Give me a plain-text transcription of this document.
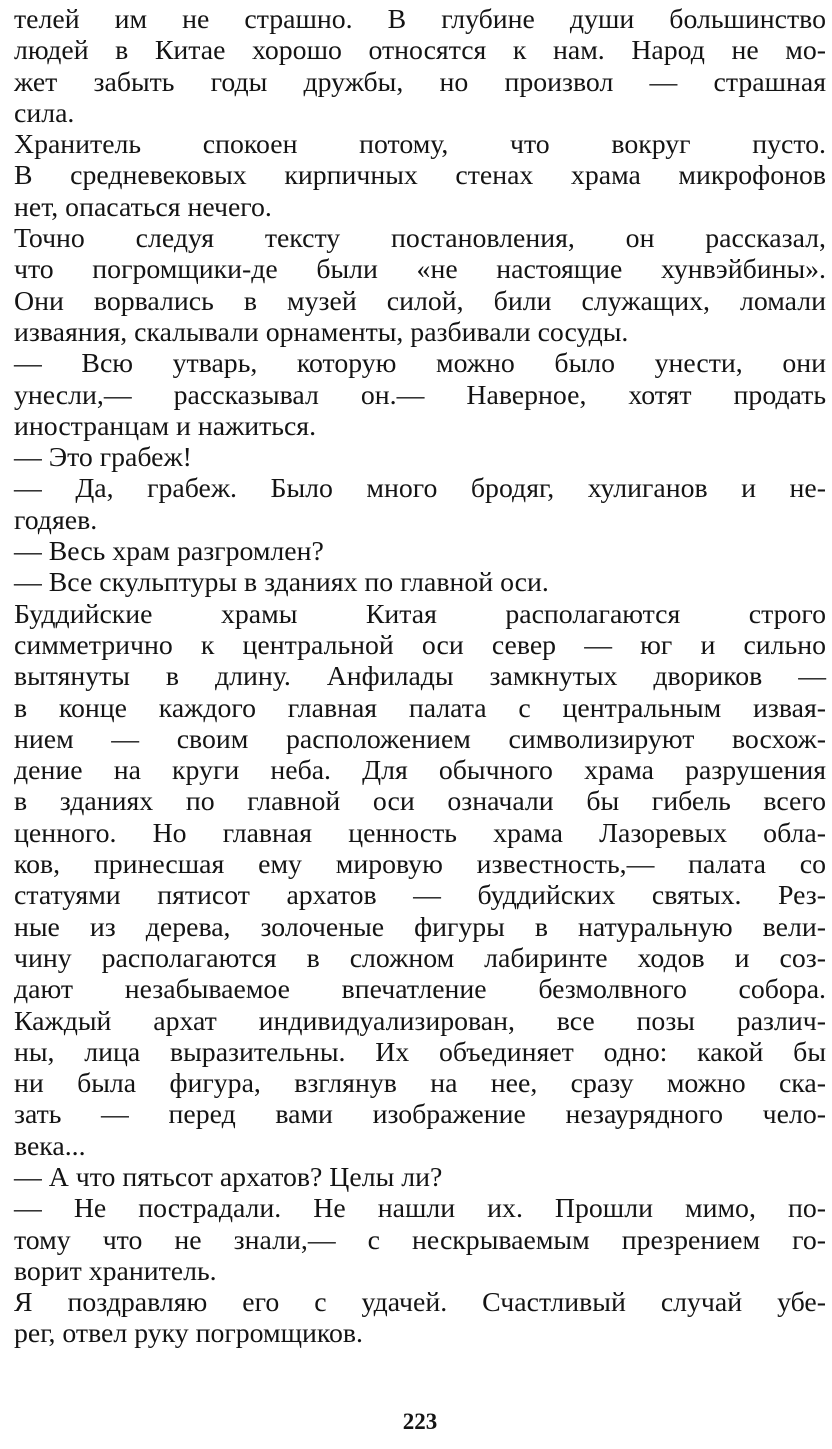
телей им не страшно. В глубине души большинство
людей в Китае хорошо относятся к нам. Народ не мо-
жет забыть годы дружбы, но произвол — страшная
сила.
Хранитель спокоен потому, что вокруг пусто.
В средневековых кирпичных стенах храма микрофонов
нет, опасаться нечего.
Точно следуя тексту постановления, он рассказал,
что погромщики-де были «не настоящие хунвэйбины».
Они ворвались в музей силой, били служащих, ломали
изваяния, скалывали орнаменты, разбивали сосуды.
— Всю утварь, которую можно было унести, они
унесли,— рассказывал он.— Наверное, хотят продать
иностранцам и нажиться.
— Это грабеж!
— Да, грабеж. Было много бродяг, хулиганов и не-
годяев.
— Весь храм разгромлен?
— Все скульптуры в зданиях по главной оси.
Буддийские храмы Китая располагаются строго
симметрично к центральной оси север — юг и сильно
вытянуты в длину. Анфилады замкнутых двориков —
в конце каждого главная палата с центральным извая-
нием — своим расположением символизируют восхож-
дение на круги неба. Для обычного храма разрушения
в зданиях по главной оси означали бы гибель всего
ценного. Но главная ценность храма Лазоревых обла-
ков, принесшая ему мировую известность,— палата со
статуями пятисот архатов — буддийских святых. Рез-
ные из дерева, золоченые фигуры в натуральную вели-
чину располагаются в сложном лабиринте ходов и соз-
дают незабываемое впечатление безмолвного собора.
Каждый архат индивидуализирован, все позы различ-
ны, лица выразительны. Их объединяет одно: какой бы
ни была фигура, взглянув на нее, сразу можно ска-
зать — перед вами изображение незаурядного чело-
века...
— А что пятьсот архатов? Целы ли?
— Не пострадали. Не нашли их. Прошли мимо, по-
тому что не знали,— с нескрываемым презрением го-
ворит хранитель.
Я поздравляю его с удачей. Счастливый случай убе-
рег, отвел руку погромщиков.
223
